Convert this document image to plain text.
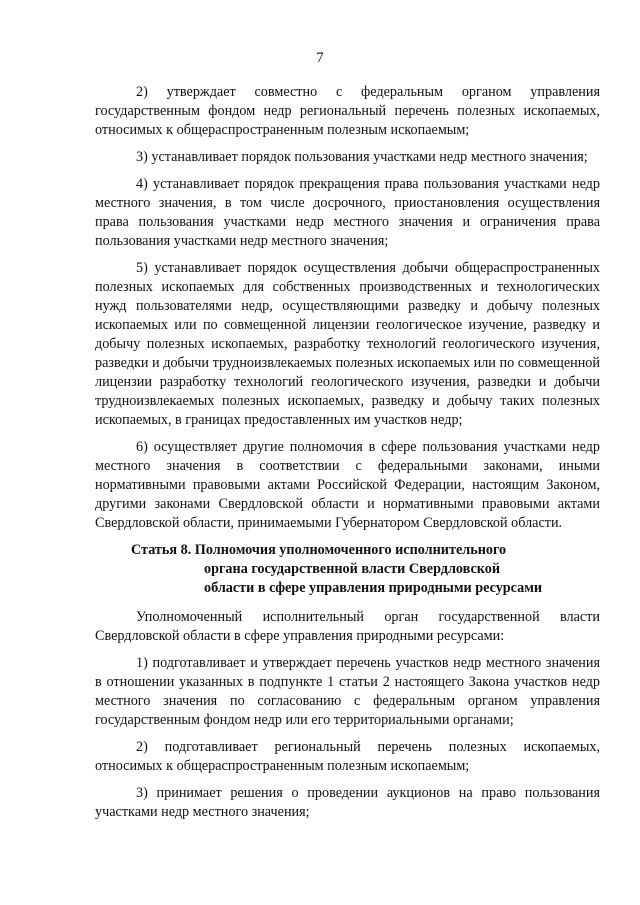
7

2) утверждает совместно с федеральным органом управления государственным фондом недр региональный перечень полезных ископаемых, относимых к общераспространенным полезным ископаемым;

3) устанавливает порядок пользования участками недр местного значения;

4) устанавливает порядок прекращения права пользования участками недр местного значения, в том числе досрочного, приостановления осуществления права пользования участками недр местного значения и ограничения права пользования участками недр местного значения;

5) устанавливает порядок осуществления добычи общераспространенных полезных ископаемых для собственных производственных и технологических нужд пользователями недр, осуществляющими разведку и добычу полезных ископаемых или по совмещенной лицензии геологическое изучение, разведку и добычу полезных ископаемых, разработку технологий геологического изучения, разведки и добычи трудноизвлекаемых полезных ископаемых или по совмещенной лицензии разработку технологий геологического изучения, разведки и добычи трудноизвлекаемых полезных ископаемых, разведку и добычу таких полезных ископаемых, в границах предоставленных им участков недр;

6) осуществляет другие полномочия в сфере пользования участками недр местного значения в соответствии с федеральными законами, иными нормативными правовыми актами Российской Федерации, настоящим Законом, другими законами Свердловской области и нормативными правовыми актами Свердловской области, принимаемыми Губернатором Свердловской области.

Статья 8. Полномочия уполномоченного исполнительного
органа государственной власти Свердловской
области в сфере управления природными ресурсами

Уполномоченный исполнительный орган государственной власти Свердловской области в сфере управления природными ресурсами:

1) подготавливает и утверждает перечень участков недр местного значения в отношении указанных в подпункте 1 статьи 2 настоящего Закона участков недр местного значения по согласованию с федеральным органом управления государственным фондом недр или его территориальными органами;

2) подготавливает региональный перечень полезных ископаемых, относимых к общераспространенным полезным ископаемым;

3) принимает решения о проведении аукционов на право пользования участками недр местного значения;
